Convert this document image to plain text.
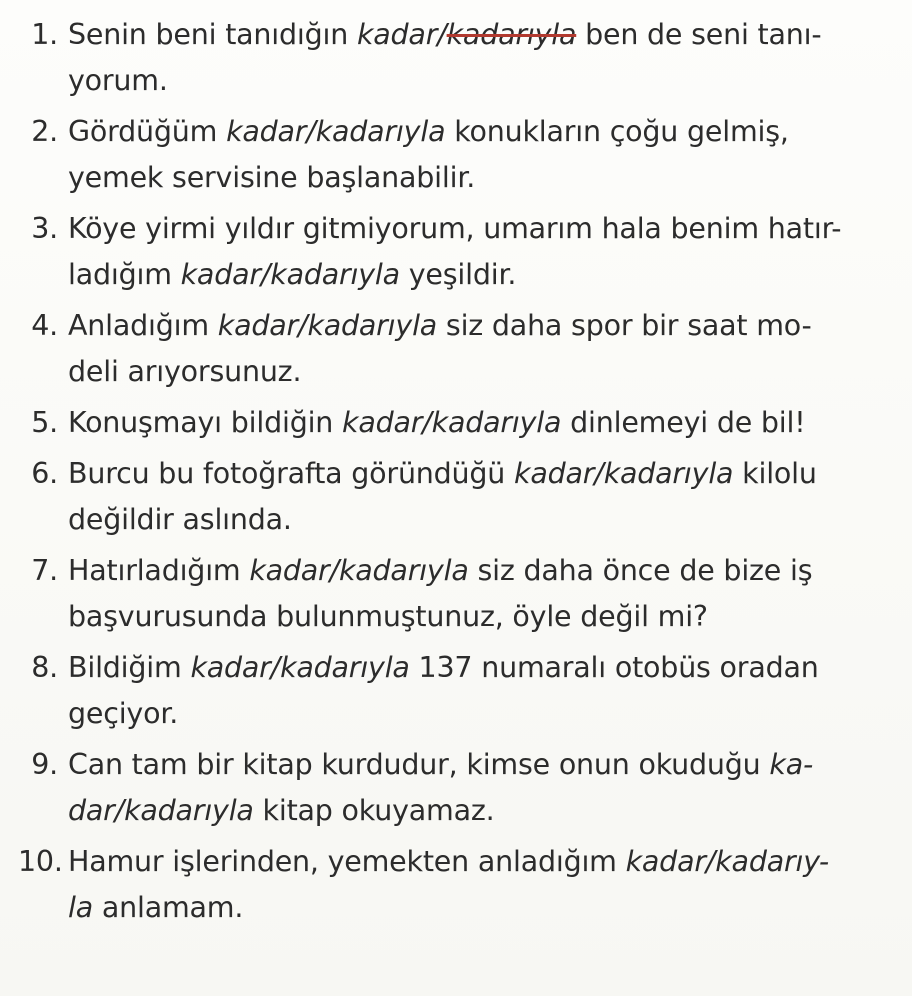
1. Senin beni tanıdığın kadar/kadarıyla ben de seni tanı-
yorum.
2. Gördüğüm kadar/kadarıyla konukların çoğu gelmiş,
yemek servisine başlanabilir.
3. Köye yirmi yıldır gitmiyorum, umarım hala benim hatır-
ladığım kadar/kadarıyla yeşildir.
4. Anladığım kadar/kadarıyla siz daha spor bir saat mo-
deli arıyorsunuz.
5. Konuşmayı bildiğin kadar/kadarıyla dinlemeyi de bil!
6. Burcu bu fotoğrafta göründüğü kadar/kadarıyla kilolu
değildir aslında.
7. Hatırladığım kadar/kadarıyla siz daha önce de bize iş
başvurusunda bulunmuştunuz, öyle değil mi?
8. Bildiğim kadar/kadarıyla 137 numaralı otobüs oradan
geçiyor.
9. Can tam bir kitap kurdudur, kimse onun okuduğu ka-
dar/kadarıyla kitap okuyamaz.
10. Hamur işlerinden, yemekten anladığım kadar/kadarıy-
la anlamam.
